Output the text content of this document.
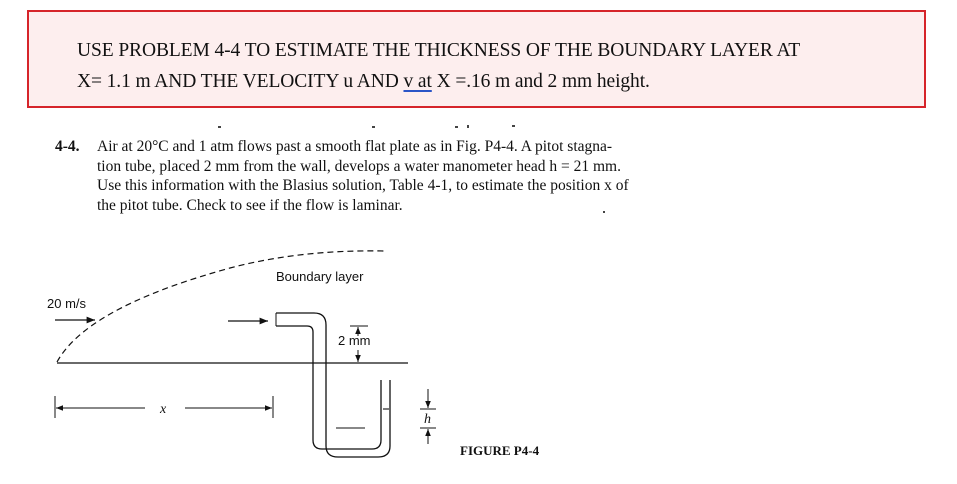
USE PROBLEM 4-4 TO ESTIMATE THE THICKNESS OF THE BOUNDARY LAYER AT
X= 1.1 m AND THE VELOCITY u AND v at X =.16 m and 2 mm height.
4-4. Air at 20°C and 1 atm flows past a smooth flat plate as in Fig. P4-4. A pitot stagna-
tion tube, placed 2 mm from the wall, develops a water manometer head h = 21 mm.
Use this information with the Blasius solution, Table 4-1, to estimate the position x of
the pitot tube. Check to see if the flow is laminar.
Boundary layer
20 m/s
2 mm
x
h
FIGURE P4-4
